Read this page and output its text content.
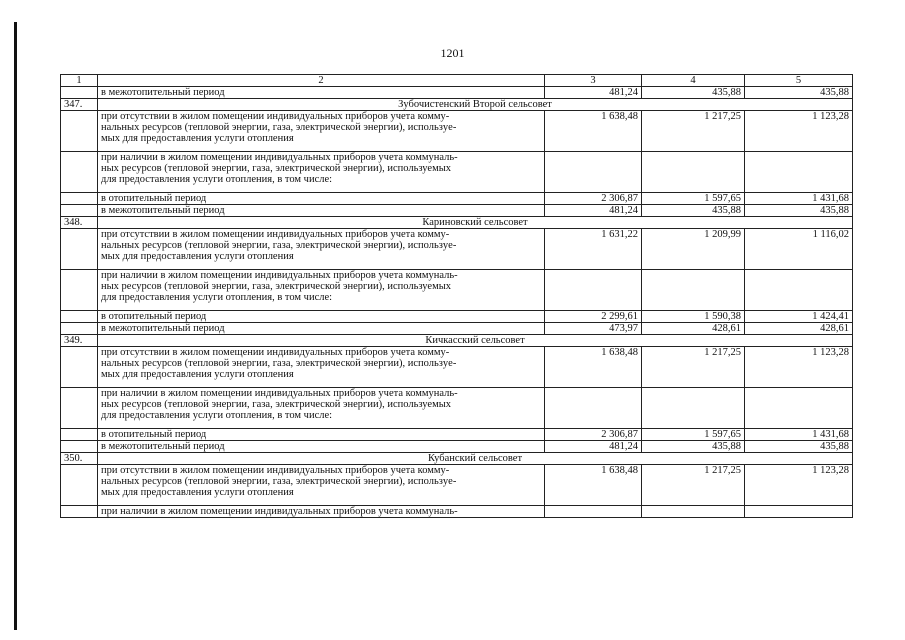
1201
1	2	3	4	5
	в межотопительный период	481,24	435,88	435,88
347.	Зубочистенский Второй сельсовет			

	при отсутствии в жилом помещении индивидуальных приборов учета комму-
нальных ресурсов (тепловой энергии, газа, электрической энергии), использye-
мых для предоставления услуги отопления	1 638,48	1 217,25	1 123,28

	при наличии в жилом помещении индивидуальных приборов учета коммуналь-
ных ресурсов (тепловой энергии, газа, электрической энергии), используемых
для предоставления услуги отопления, в том числе:			

	в отопительный период	2 306,87	1 597,65	1 431,68
	в межотопительный период	481,24	435,88	435,88
348.	Кариновский сельсовет			

	при отсутствии в жилом помещении индивидуальных приборов учета комму-
нальных ресурсов (тепловой энергии, газа, электрической энергии), использye-
мых для предоставления услуги отопления	1 631,22	1 209,99	1 116,02

	при наличии в жилом помещении индивидуальных приборов учета коммуналь-
ных ресурсов (тепловой энергии, газа, электрической энергии), используемых
для предоставления услуги отопления, в том числе:			

	в отопительный период	2 299,61	1 590,38	1 424,41
	в межотопительный период	473,97	428,61	428,61
349.	Кичкасский сельсовет			

	при отсутствии в жилом помещении индивидуальных приборов учета комму-
нальных ресурсов (тепловой энергии, газа, электрической энергии), использye-
мых для предоставления услуги отопления	1 638,48	1 217,25	1 123,28

	при наличии в жилом помещении индивидуальных приборов учета коммуналь-
ных ресурсов (тепловой энергии, газа, электрической энергии), используемых
для предоставления услуги отопления, в том числе:			

	в отопительный период	2 306,87	1 597,65	1 431,68
	в межотопительный период	481,24	435,88	435,88
350.	Кубанский сельсовет			

	при отсутствии в жилом помещении индивидуальных приборов учета комму-
нальных ресурсов (тепловой энергии, газа, электрической энергии), использye-
мых для предоставления услуги отопления	1 638,48	1 217,25	1 123,28
	при наличии в жилом помещении индивидуальных приборов учета коммуналь-			
